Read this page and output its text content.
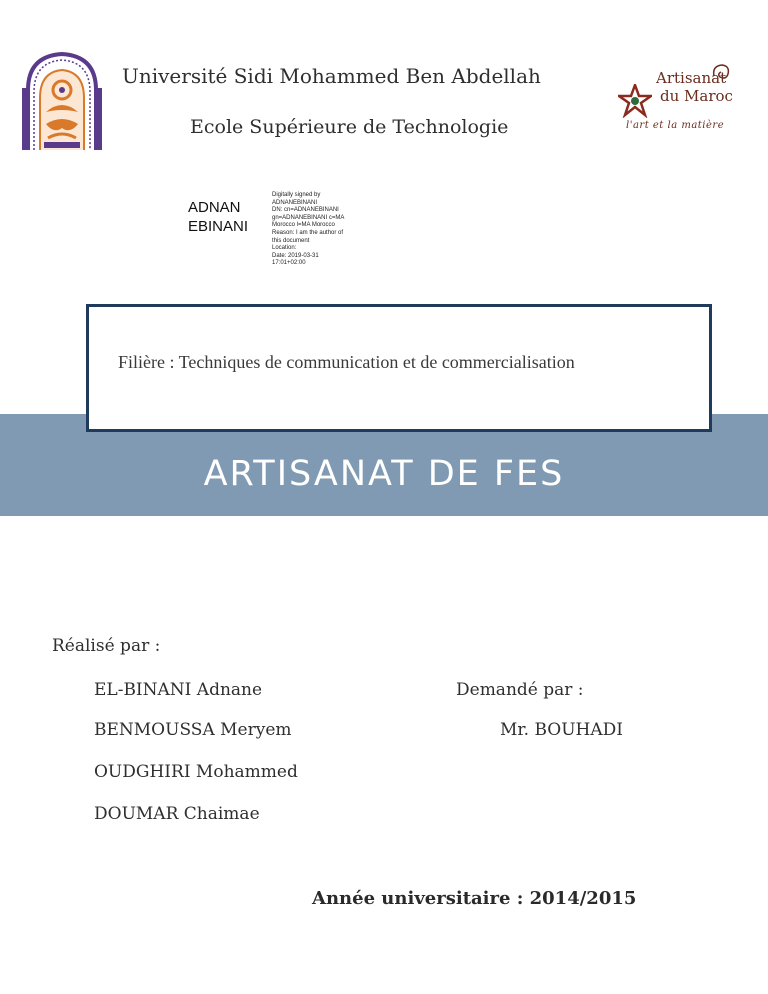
Artisanat
du Maroc
l'art et la matière
Université Sidi Mohammed Ben Abdellah
Ecole Supérieure de Technologie
ADNAN
EBINANI
Digitally signed by
ADNANEBINANI
DN: cn=ADNANEBINANI
gn=ADNANEBINANI c=MA
Morocco l=MA Morocco
Reason: I am the author of
this document
Location:
Date: 2019-03-31
17:01+02:00
Filière : Techniques de communication et de commercialisation
ARTISANAT DE FES
Réalisé par :
EL-BINANI Adnane
BENMOUSSA Meryem
OUDGHIRI Mohammed
DOUMAR Chaimae
Demandé par :
Mr. BOUHADI
Année universitaire : 2014/2015
